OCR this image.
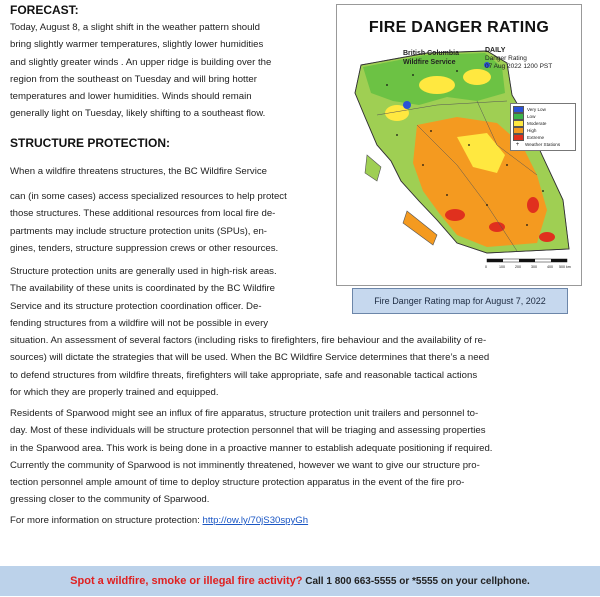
FORECAST:
Today, August 8, a slight shift in the weather pattern should
bring slightly warmer temperatures, slightly lower humidities
and slightly greater winds . An upper ridge is building over the
region from the southeast on Tuesday and will bring hotter
temperatures and lower humidities. Winds should remain
generally light on Tuesday, likely shifting to a southeast flow.
STRUCTURE PROTECTION:
When a wildfire threatens structures, the BC Wildfire Service
can (in some cases) access specialized resources to help protect
those structures. These additional resources from local fire de-
partments may include structure protection units (SPUs), en-
gines, tenders, structure suppression crews or other resources.
Structure protection units are generally used in high-risk areas.
The availability of these units is coordinated by the BC Wildfire
Service and its structure protection coordination officer. De-
fending structures from a wildfire will not be possible in every
situation. An assessment of several factors (including risks to firefighters, fire behaviour and the availability of re-
sources) will dictate the strategies that will be used. When the BC Wildfire Service determines that there’s a need
to defend structures from wildfire threats, firefighters will take appropriate, safe and reasonable tactical actions
for which they are properly trained and equipped.
Residents of Sparwood might see an influx of fire apparatus, structure protection unit trailers and personnel to-
day. Most of these individuals will be structure protection personnel that will be triaging and assessing properties
in the Sparwood area. This work is being done in a proactive manner to establish adequate positioning if required.
Currently the community of Sparwood is not imminently threatened, however we want to give our structure pro-
tection personnel ample amount of time to deploy structure protection apparatus in the event of the fire pro-
gressing closer to the community of Sparwood.
For more information on structure protection: http://ow.ly/70jS30spyGh
0	100	200	300	400 500 km
FIRE DANGER RATING
British Columbia
Wildfire Service
DAILY
Danger Rating
07 Aug 2022 1200 PST
Very Low
Low
Moderate
High
Extreme
+	Weather Stations
Fire Danger Rating map for August 7, 2022
Spot a wildfire, smoke or illegal fire activity? Call 1 800 663-5555 or *5555 on your cellphone.
